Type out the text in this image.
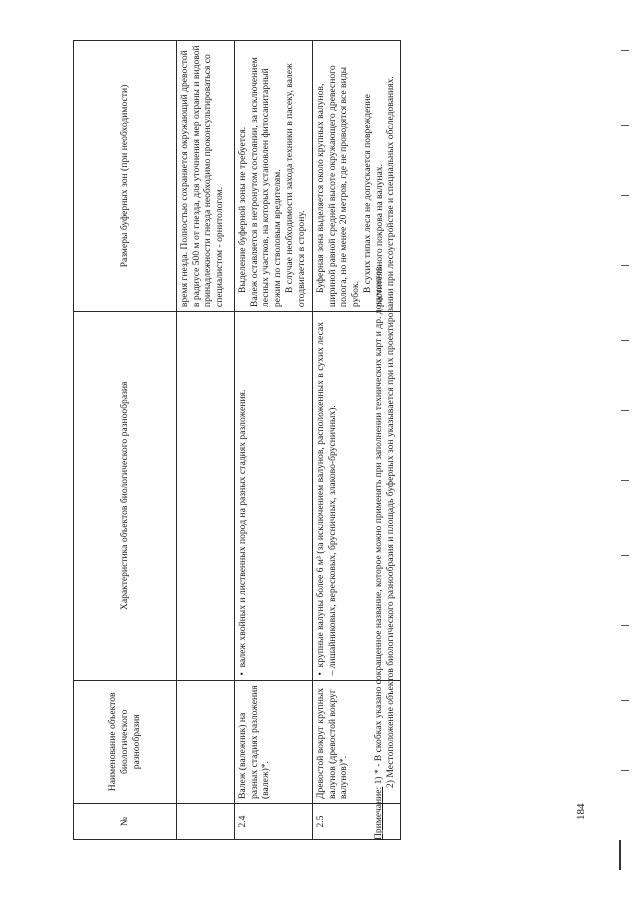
№	Наименование объектов биологического разнообразия	Характеристика объектов биологического разнообразия	Размеры буферных зон (при необходимости)
			время гнезда. Полностью сохраняется окружающий древостой в радиусе 500 м от гнезда, для уточнения мер охраны и видовой принадлежности гнезда необходимо проконсультироваться со специалистом - орнитологом.
2.4	Валеж (валежник) на разных стадиях разложения (валеж)*.	•  валеж хвойных и лиственных пород на разных стадиях разложения.	Выделение буферной зоны не требуется. Валеж оставляется в нетронутом состоянии, за исключением лесных участков, на которых установлен фитосанитарный режим по стволовым вредителям. В случае необходимости захода техники в пасеку, валеж отодвигается в сторону.

2.5	Древостой вокруг крупных валунов (древостой вокруг валунов)*.	•  крупные валуны более 6 м³ (за исключением валунов, расположенных в сухих лесах – лишайниковых, вересковых, брусничных, злаково-брусничных).	Буферная зона выделяется около крупных валунов, шириной равной средней высоте окружающего древесного полога, но не менее 20 метров, где не проводятся все виды рубок.
В сухих типах леса не допускается повреждение растительного покрова на валунах.
Примечание: 1) * - В скобках указано сокращенное название, которое можно применять при заполнении технических карт и др. документов. 2) Местоположение объектов биологического разнообразия и площадь буферных зон указывается при их проектировании при лесоустройстве и специальных обследованиях.
184
